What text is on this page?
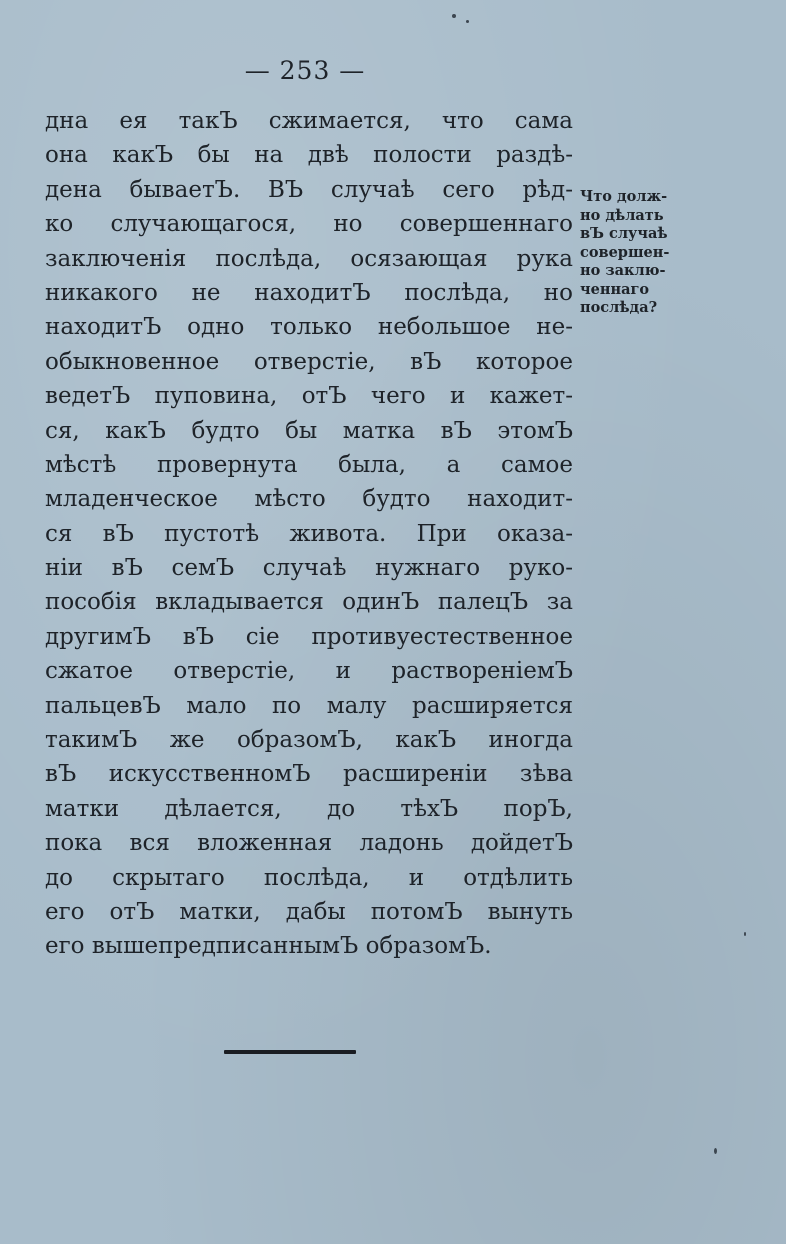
— 253 —
дна ея такЪ сжимается, что сама
она какЪ бы на двѣ полости раздѣ-
дена бываетЪ. ВЪ случаѣ сего рѣд-
ко случающагося, но совершеннаго
заключенія послѣда, осязающая рука
никакого не находитЪ послѣда, но
находитЪ одно только небольшое не-
обыкновенное отверстіе, вЪ которое
ведетЪ пуповина, отЪ чего и кажет-
ся, какЪ будто бы матка вЪ этомЪ
мѣстѣ провернута была, а самое
младенческое мѣсто будто находит-
ся вЪ пустотѣ живота. При оказа-
ніи вЪ семЪ случаѣ нужнаго руко-
пособія вкладывается одинЪ палецЪ за
другимЪ вЪ сіе противуестественное
сжатое отверстіе, и раствореніемЪ
пальцевЪ мало по малу расширяется
такимЪ же образомЪ, какЪ иногда
вЪ искусственномЪ расширеніи зѣва
матки дѣлается, до тѣхЪ порЪ,
пока вся вложенная ладонь дойдетЪ
до скрытаго послѣда, и отдѣлить
его отЪ матки, дабы потомЪ вынуть
его вышепредписаннымЪ образомЪ.
Что долж-
но дѣлать
вЪ случаѣ
совершен-
но заклю-
ченнаго
послѣда?
